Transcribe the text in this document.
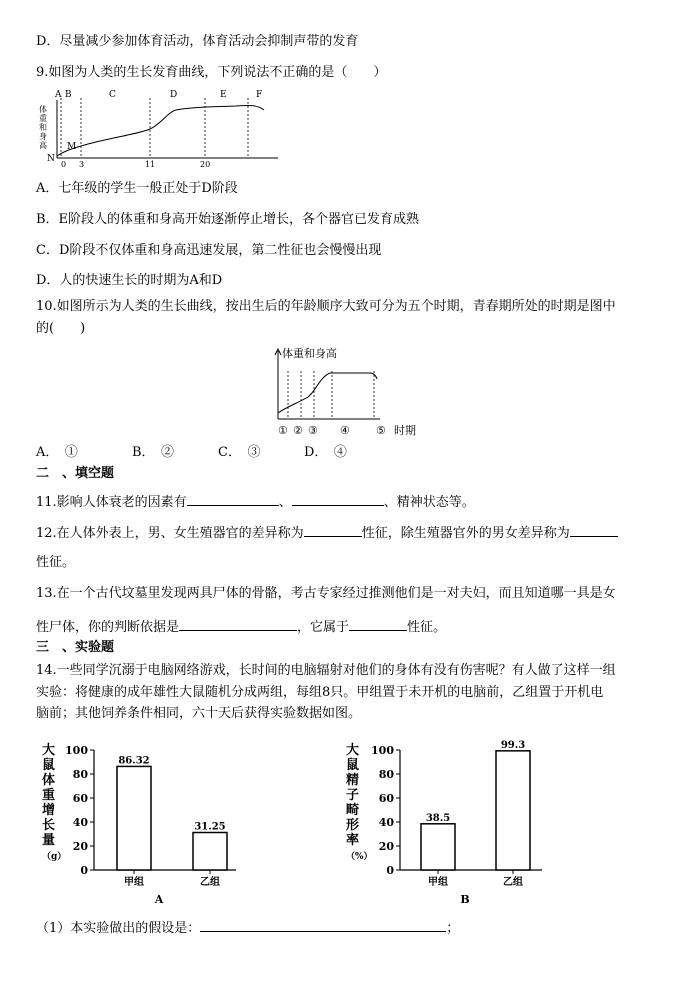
D．尽量减少参加体育活动，体育活动会抑制声带的发育
9.如图为人类的生长发育曲线，下列说法不正确的是（　　）
A B	C	D	E	F
体
重
和
身
高
N
M
0 3	11	20
A．七年级的学生一般正处于D阶段
B．E阶段人的体重和身高开始逐渐停止增长，各个器官已发育成熟
C．D阶段不仅体重和身高迅速发展，第二性征也会慢慢出现
D．人的快速生长的时期为A和D
10.如图所示为人类的生长曲线，按出生后的年龄顺序大致可分为五个时期，青春期所处的时期是图中
的(　　)
体重和身高
① ② ③ ④ ⑤ 时期
A．　①	B．　②	C．　③	D．　④
二　、填空题
11.影响人体衰老的因素有	、	、精神状态等。
12.在人体外表上，男、女生殖器官的差异称为	性征，除生殖器官外的男女差异称为
性征。
13.在一个古代坟墓里发现两具尸体的骨骼，考古专家经过推测他们是一对夫妇，而且知道哪一具是女
性尸体，你的判断依据是	，它属于	性征。
三　、实验题
14.一些同学沉溺于电脑网络游戏，长时间的电脑辐射对他们的身体有没有伤害呢？有人做了这样一组
实验：将健康的成年雄性大鼠随机分成两组，每组8只。甲组置于未开机的电脑前，乙组置于开机电
脑前；其他饲养条件相同，六十天后获得实验数据如图。
大
鼠
体
重
增
长
量
（g）
0
20
40
60
80
100
86.32
甲组
31.25
乙组
A
大
鼠
精
子
畸
形
率
（%）
0
20
40
60
80
100
38.5
甲组
99.3
乙组
B
（1）本实验做出的假设是：	；
